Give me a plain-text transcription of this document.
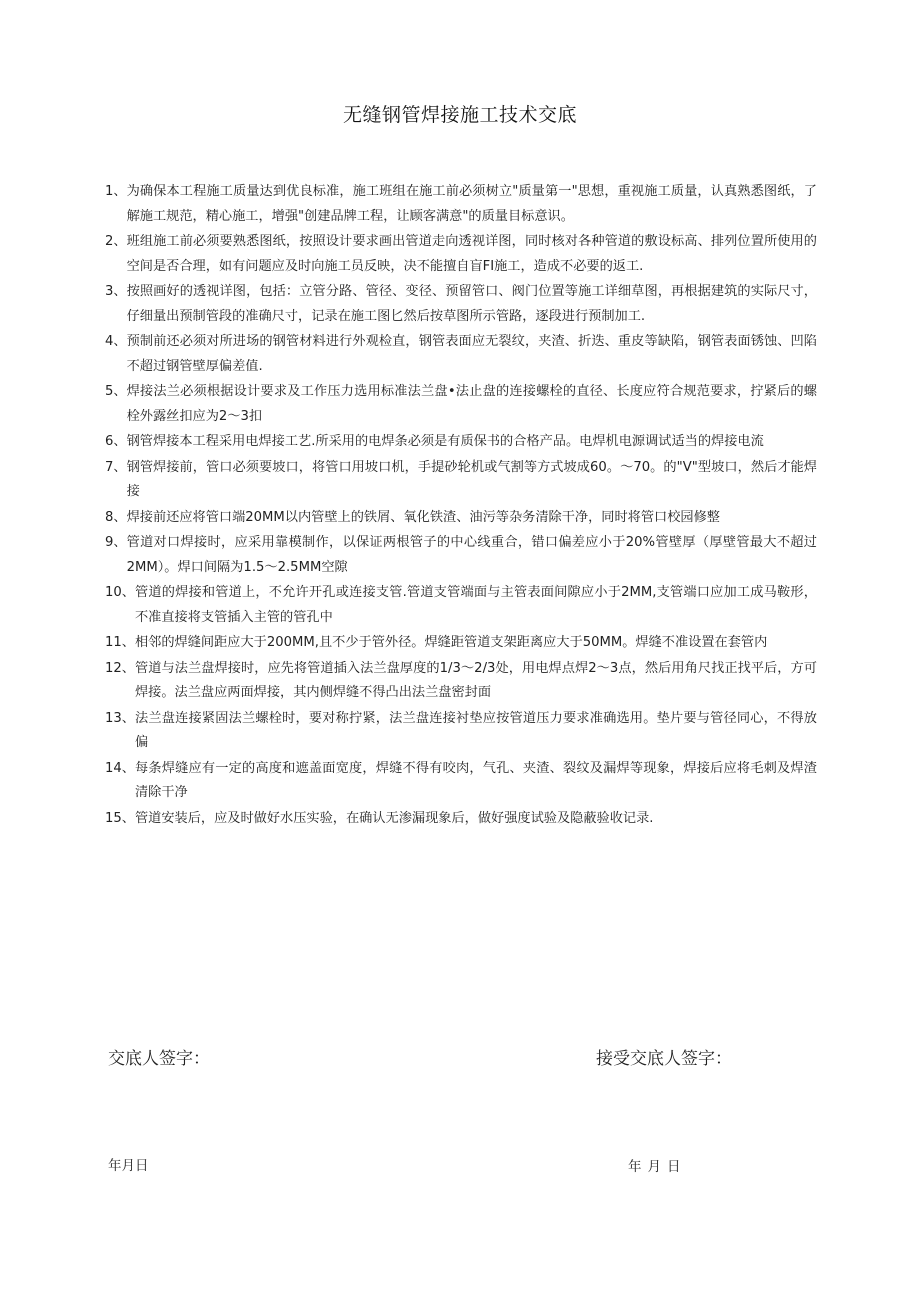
无缝钢管焊接施工技术交底
1、 为确保本工程施工质量达到优良标准，施工班组在施工前必须树立"质量第一"思想，重视施工质量，认真熟悉图纸，了解施工规范，精心施工，增强"创建品牌工程，让顾客满意"的质量目标意识。
2、 班组施工前必须要熟悉图纸，按照设计要求画出管道走向透视详图，同时核对各种管道的敷设标高、排列位置所使用的空间是否合理，如有问题应及时向施工员反映，决不能擅自盲FI施工，造成不必要的返工.
3、 按照画好的透视详图，包括：立管分路、管径、变径、预留管口、阀门位置等施工详细草图，再根据建筑的实际尺寸，仔细量出预制管段的准确尺寸，记录在施工图匕然后按草图所示管路，逐段进行预制加工.
4、 预制前还必须对所进场的钢管材料进行外观检直，钢管表面应无裂纹，夹渣、折迭、重皮等缺陷，钢管表面锈蚀、凹陷不超过钢管壁厚偏差值.
5、 焊接法兰必须根据设计要求及工作压力选用标准法兰盘•法止盘的连接螺栓的直径、长度应符合规范要求，拧紧后的螺栓外露丝扣应为2～3扣
6、 钢管焊接本工程采用电焊接工艺.所采用的电焊条必须是有质保书的合格产品。电焊机电源调试适当的焊接电流
7、 钢管焊接前，管口必须要坡口，将管口用坡口机，手提砂轮机或气割等方式坡成60。～70。的"V"型坡口，然后才能焊接
8、 焊接前还应将管口端20MM以内管壁上的铁屑、氧化铁渣、油污等杂务清除干净，同时将管口校园修整
9、 管道对口焊接时，应采用靠模制作，以保证两根管子的中心线重合，错口偏差应小于20%管壁厚（厚壁管最大不超过2MM）。焊口间隔为1.5～2.5MM空隙
10、 管道的焊接和管道上，不允许开孔或连接支管.管道支管端面与主管表面间隙应小于2MM,支管端口应加工成马鞍形，不准直接将支管插入主管的管孔中
11、 相邻的焊缝间距应大于200MM,且不少于管外径。焊缝距管道支架距离应大于50MM。焊缝不准设置在套管内
12、 管道与法兰盘焊接时，应先将管道插入法兰盘厚度的1/3～2/3处，用电焊点焊2～3点，然后用角尺找正找平后，方可焊接。法兰盘应两面焊接，其内侧焊缝不得凸出法兰盘密封面
13、 法兰盘连接紧固法兰螺栓时，要对称拧紧，法兰盘连接衬垫应按管道压力要求准确选用。垫片要与管径同心，不得放偏
14、 每条焊缝应有一定的高度和遮盖面宽度，焊缝不得有咬肉，气孔、夹渣、裂纹及漏焊等现象，焊接后应将毛刺及焊渣清除干净
15、 管道安装后，应及时做好水压实验，在确认无渗漏现象后，做好强度试验及隐蔽验收记录.
交底人签字：	接受交底人签字：
年月日	年月日
